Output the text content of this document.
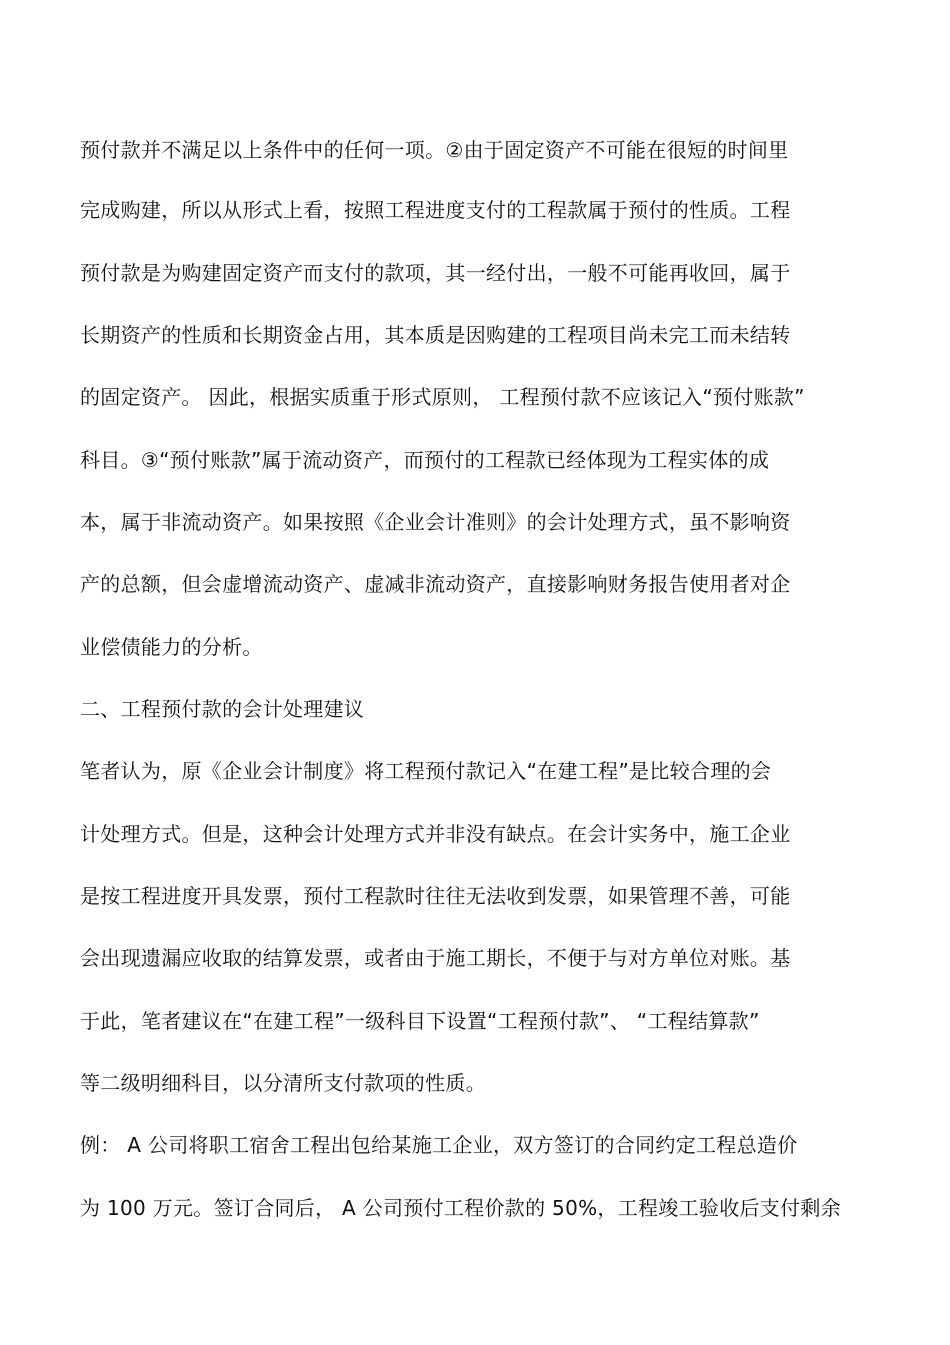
预付款并不满足以上条件中的任何一项。②由于固定资产不可能在很短的时间里
完成购建，所以从形式上看，按照工程进度支付的工程款属于预付的性质。工程
预付款是为购建固定资产而支付的款项，其一经付出，一般不可能再收回，属于
长期资产的性质和长期资金占用，其本质是因购建的工程项目尚未完工而未结转
的固定资产。 因此，根据实质重于形式原则， 工程预付款不应该记入“预付账款”
科目。③“预付账款”属于流动资产，而预付的工程款已经体现为工程实体的成
本，属于非流动资产。如果按照《企业会计准则》的会计处理方式，虽不影响资
产的总额，但会虚增流动资产、虚减非流动资产，直接影响财务报告使用者对企
业偿债能力的分析。
二、工程预付款的会计处理建议
笔者认为，原《企业会计制度》将工程预付款记入“在建工程”是比较合理的会
计处理方式。但是，这种会计处理方式并非没有缺点。在会计实务中，施工企业
是按工程进度开具发票，预付工程款时往往无法收到发票，如果管理不善，可能
会出现遗漏应收取的结算发票，或者由于施工期长，不便于与对方单位对账。基
于此，笔者建议在“在建工程”一级科目下设置“工程预付款”、 “工程结算款”
等二级明细科目，以分清所支付款项的性质。
例： A 公司将职工宿舍工程出包给某施工企业，双方签订的合同约定工程总造价
为 100 万元。签订合同后， A 公司预付工程价款的 50%，工程竣工验收后支付剩余
